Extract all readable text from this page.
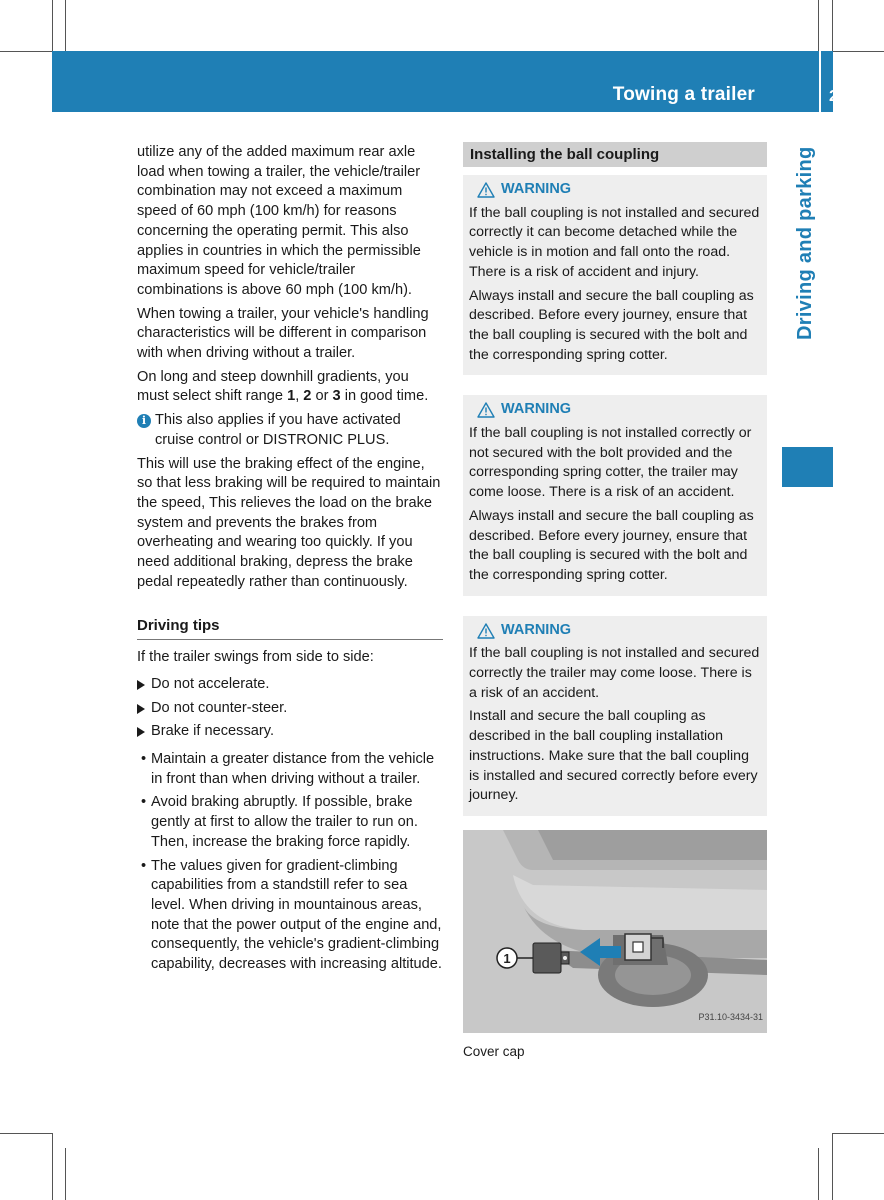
Towing a trailer	255
Driving and parking

utilize any of the added maximum rear axle load when towing a trailer, the vehicle/trailer combination may not exceed a maximum speed of 60 mph (100 km/h) for reasons concerning the operating permit. This also applies in countries in which the permissible maximum speed for vehicle/trailer combinations is above 60 mph (100 km/h).

When towing a trailer, your vehicle's handling characteristics will be different in comparison with when driving without a trailer.

On long and steep downhill gradients, you must select shift range 1, 2 or 3 in good time.

i This also applies if you have activated cruise control or DISTRONIC PLUS.

This will use the braking effect of the engine, so that less braking will be required to maintain the speed, This relieves the load on the brake system and prevents the brakes from overheating and wearing too quickly. If you need additional braking, depress the brake pedal repeatedly rather than continuously.

Driving tips

If the trailer swings from side to side:

Do not accelerate.
Do not counter-steer.
Brake if necessary.
• Maintain a greater distance from the vehicle in front than when driving without a trailer.
• Avoid braking abruptly. If possible, brake gently at first to allow the trailer to run on. Then, increase the braking force rapidly.
• The values given for gradient-climbing capabilities from a standstill refer to sea level. When driving in mountainous areas, note that the power output of the engine and, consequently, the vehicle's gradient-climbing capability, decreases with increasing altitude.
Installing the ball coupling
WARNING

If the ball coupling is not installed and secured correctly it can become detached while the vehicle is in motion and fall onto the road. There is a risk of accident and injury.

Always install and secure the ball coupling as described. Before every journey, ensure that the ball coupling is secured with the bolt and the corresponding spring cotter.

WARNING

If the ball coupling is not installed correctly or not secured with the bolt provided and the corresponding spring cotter, the trailer may come loose. There is a risk of an accident.

Always install and secure the ball coupling as described. Before every journey, ensure that the ball coupling is secured with the bolt and the corresponding spring cotter.

WARNING

If the ball coupling is not installed and secured correctly the trailer may come loose. There is a risk of an accident.

Install and secure the ball coupling as described in the ball coupling installation instructions. Make sure that the ball coupling is installed and secured correctly before every journey.

1
P31.10-3434-31
Cover cap
